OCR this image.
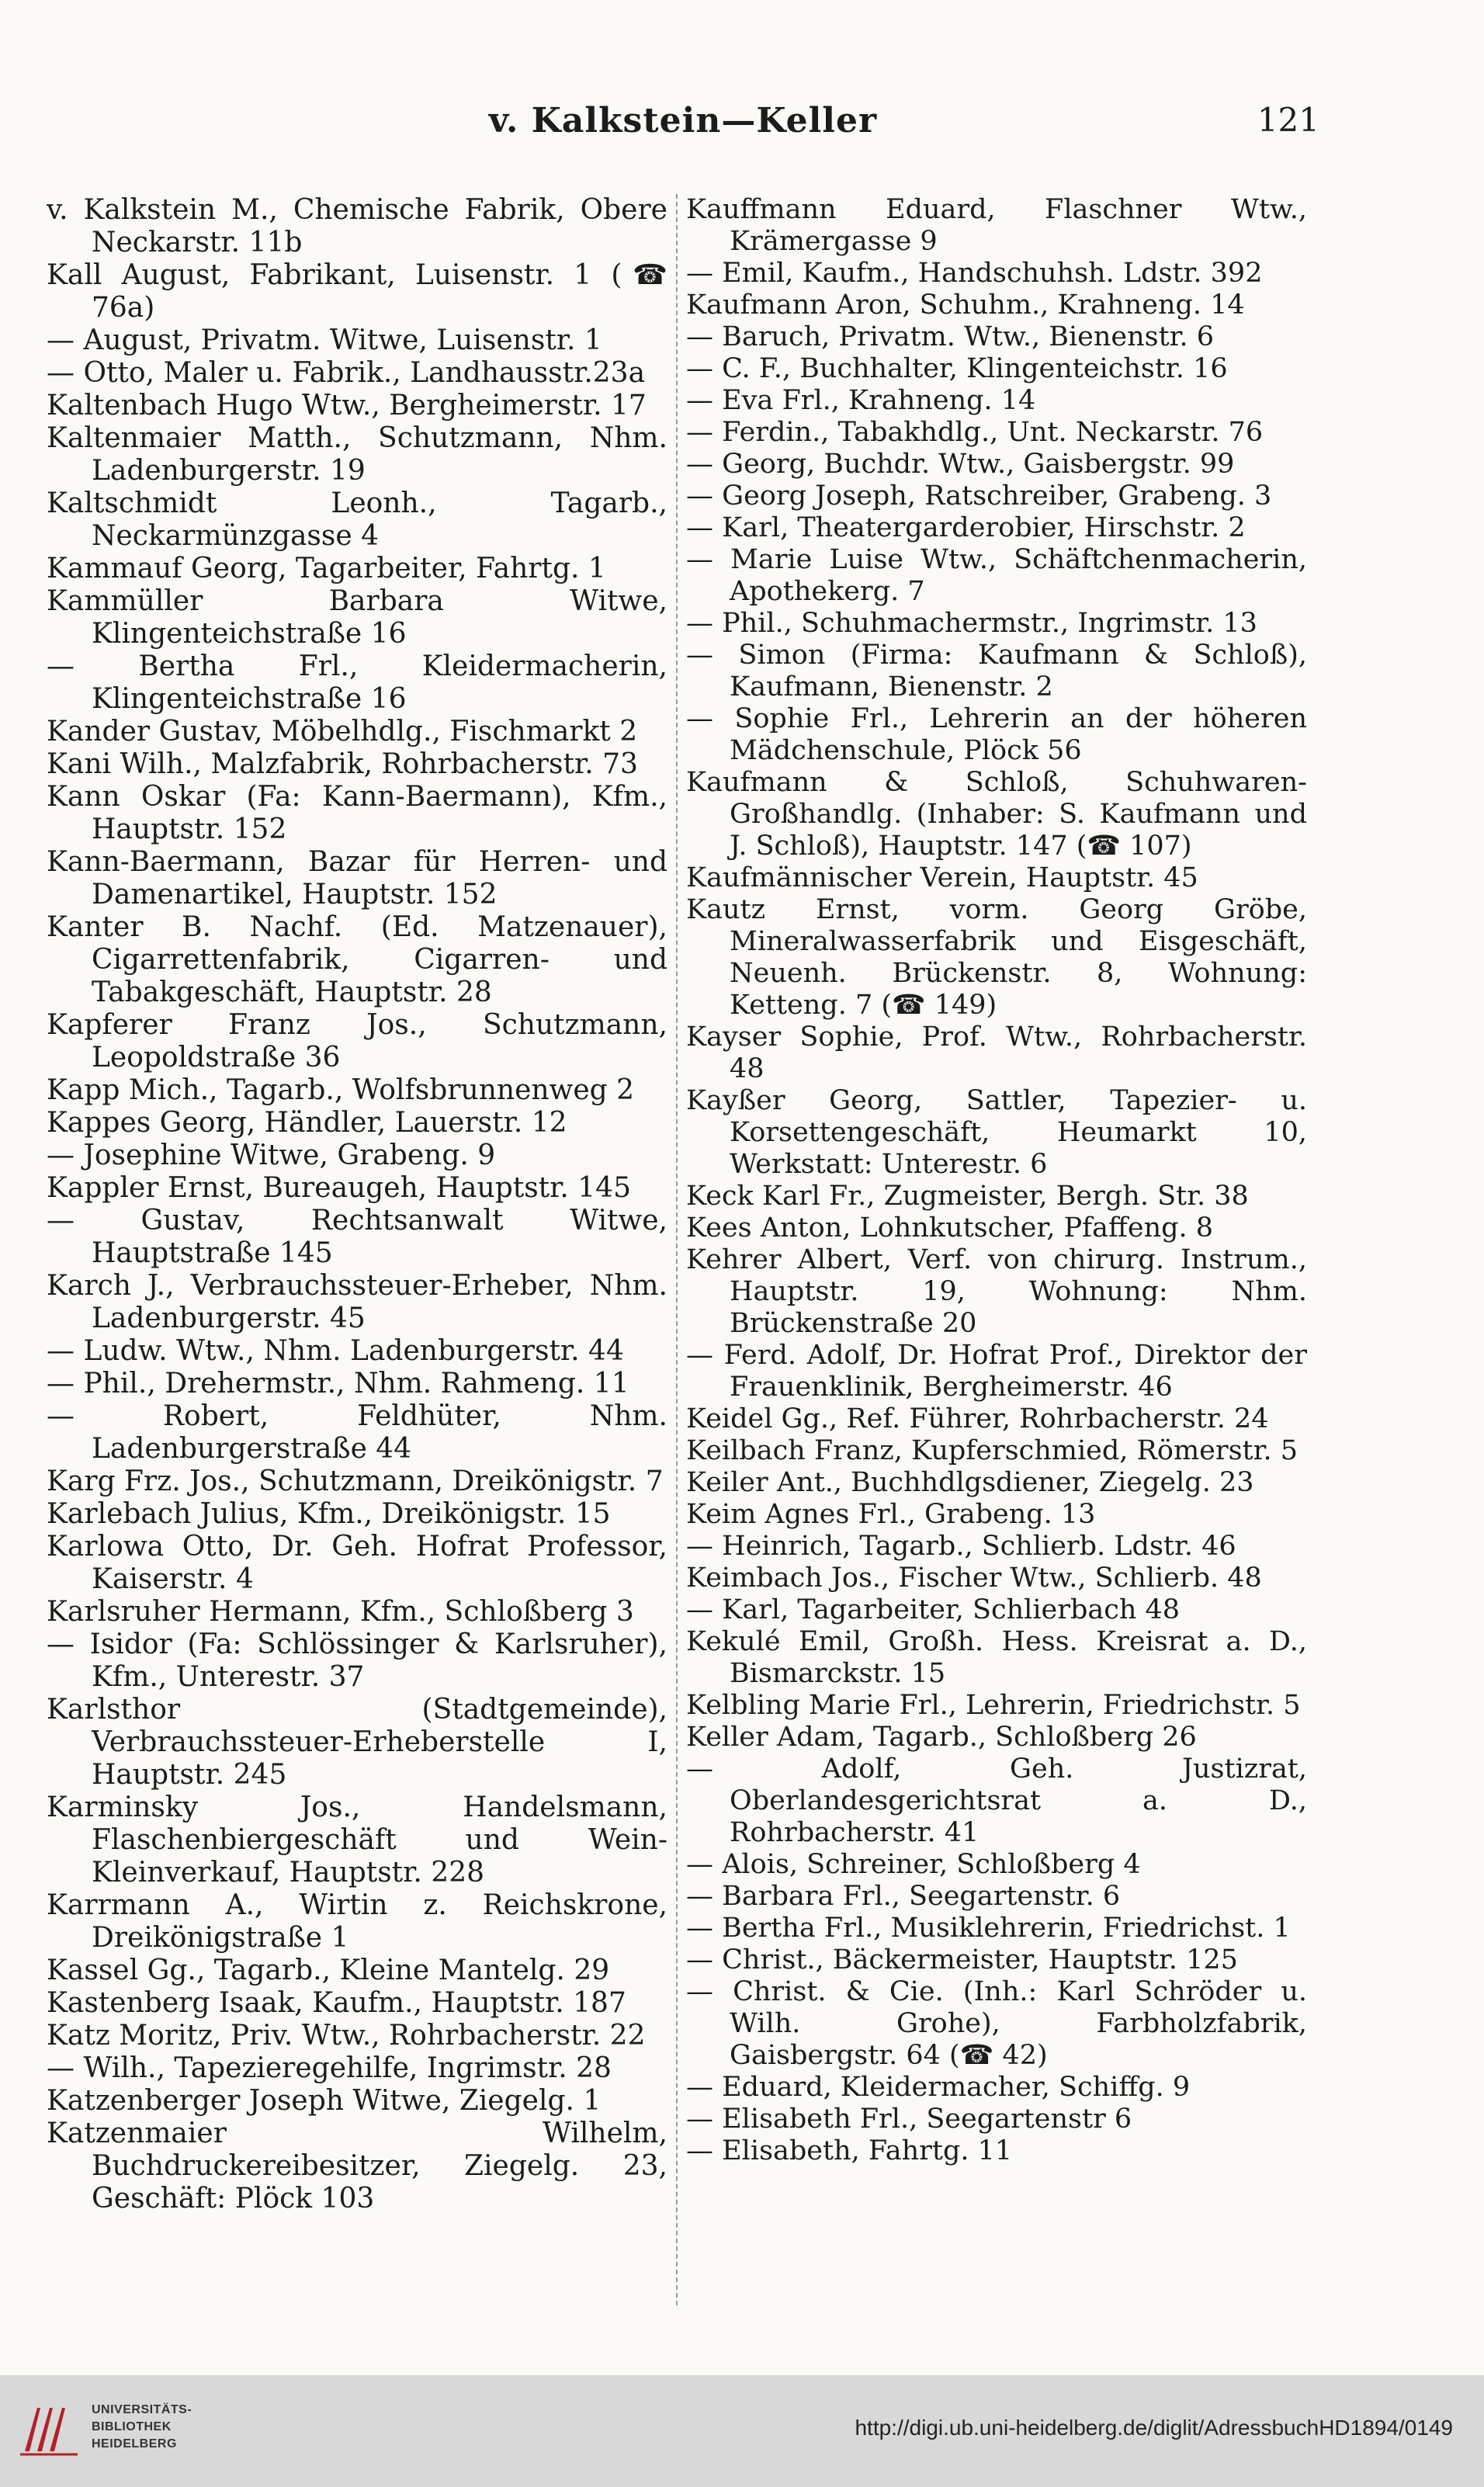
v. Kalkstein—Keller	121
v. Kalkstein M., Chemische Fabrik, Obere Neckarstr. 11b
Kall August, Fabrikant, Luisenstr. 1 (☎ 76a)
— August, Privatm. Witwe, Luisenstr. 1
— Otto, Maler u. Fabrik., Landhausstr.23a
Kaltenbach Hugo Wtw., Bergheimerstr. 17
Kaltenmaier Matth., Schutzmann, Nhm. Ladenburgerstr. 19
Kaltschmidt Leonh., Tagarb., Neckarmünzgasse 4
Kammauf Georg, Tagarbeiter, Fahrtg. 1
Kammüller Barbara Witwe, Klingenteichstraße 16
— Bertha Frl., Kleidermacherin, Klingenteichstraße 16
Kander Gustav, Möbelhdlg., Fischmarkt 2
Kani Wilh., Malzfabrik, Rohrbacherstr. 73
Kann Oskar (Fa: Kann-Baermann), Kfm., Hauptstr. 152
Kann-Baermann, Bazar für Herren- und Damenartikel, Hauptstr. 152
Kanter B. Nachf. (Ed. Matzenauer), Cigarrettenfabrik, Cigarren- und Tabakgeschäft, Hauptstr. 28
Kapferer Franz Jos., Schutzmann, Leopoldstraße 36
Kapp Mich., Tagarb., Wolfsbrunnenweg 2
Kappes Georg, Händler, Lauerstr. 12
— Josephine Witwe, Grabeng. 9
Kappler Ernst, Bureaugeh, Hauptstr. 145
— Gustav, Rechtsanwalt Witwe, Hauptstraße 145
Karch J., Verbrauchssteuer-Erheber, Nhm. Ladenburgerstr. 45
— Ludw. Wtw., Nhm. Ladenburgerstr. 44
— Phil., Drehermstr., Nhm. Rahmeng. 11
— Robert, Feldhüter, Nhm. Ladenburgerstraße 44
Karg Frz. Jos., Schutzmann, Dreikönigstr. 7
Karlebach Julius, Kfm., Dreikönigstr. 15
Karlowa Otto, Dr. Geh. Hofrat Professor, Kaiserstr. 4
Karlsruher Hermann, Kfm., Schloßberg 3
— Isidor (Fa: Schlössinger & Karlsruher), Kfm., Unterestr. 37
Karlsthor (Stadtgemeinde), Verbrauchssteuer-Erheberstelle I, Hauptstr. 245
Karminsky Jos., Handelsmann, Flaschenbiergeschäft und Wein-Kleinverkauf, Hauptstr. 228
Karrmann A., Wirtin z. Reichskrone, Dreikönigstraße 1
Kassel Gg., Tagarb., Kleine Mantelg. 29
Kastenberg Isaak, Kaufm., Hauptstr. 187
Katz Moritz, Priv. Wtw., Rohrbacherstr. 22
— Wilh., Tapezieregehilfe, Ingrimstr. 28
Katzenberger Joseph Witwe, Ziegelg. 1
Katzenmaier Wilhelm, Buchdruckereibesitzer, Ziegelg. 23, Geschäft: Plöck 103
Kauffmann Eduard, Flaschner Wtw., Krämergasse 9
— Emil, Kaufm., Handschuhsh. Ldstr. 392
Kaufmann Aron, Schuhm., Krahneng. 14
— Baruch, Privatm. Wtw., Bienenstr. 6
— C. F., Buchhalter, Klingenteichstr. 16
— Eva Frl., Krahneng. 14
— Ferdin., Tabakhdlg., Unt. Neckarstr. 76
— Georg, Buchdr. Wtw., Gaisbergstr. 99
— Georg Joseph, Ratschreiber, Grabeng. 3
— Karl, Theatergarderobier, Hirschstr. 2
— Marie Luise Wtw., Schäftchenmacherin, Apothekerg. 7
— Phil., Schuhmachermstr., Ingrimstr. 13
— Simon (Firma: Kaufmann & Schloß), Kaufmann, Bienenstr. 2
— Sophie Frl., Lehrerin an der höheren Mädchenschule, Plöck 56
Kaufmann & Schloß, Schuhwaren-Großhandlg. (Inhaber: S. Kaufmann und J. Schloß), Hauptstr. 147 (☎ 107)
Kaufmännischer Verein, Hauptstr. 45
Kautz Ernst, vorm. Georg Gröbe, Mineralwasserfabrik und Eisgeschäft, Neuenh. Brückenstr. 8, Wohnung: Ketteng. 7 (☎ 149)
Kayser Sophie, Prof. Wtw., Rohrbacherstr. 48
Kayßer Georg, Sattler, Tapezier- u. Korsettengeschäft, Heumarkt 10, Werkstatt: Unterestr. 6
Keck Karl Fr., Zugmeister, Bergh. Str. 38
Kees Anton, Lohnkutscher, Pfaffeng. 8
Kehrer Albert, Verf. von chirurg. Instrum., Hauptstr. 19, Wohnung: Nhm. Brückenstraße 20
— Ferd. Adolf, Dr. Hofrat Prof., Direktor der Frauenklinik, Bergheimerstr. 46
Keidel Gg., Ref. Führer, Rohrbacherstr. 24
Keilbach Franz, Kupferschmied, Römerstr. 5
Keiler Ant., Buchhdlgsdiener, Ziegelg. 23
Keim Agnes Frl., Grabeng. 13
— Heinrich, Tagarb., Schlierb. Ldstr. 46
Keimbach Jos., Fischer Wtw., Schlierb. 48
— Karl, Tagarbeiter, Schlierbach 48
Kekulé Emil, Großh. Hess. Kreisrat a. D., Bismarckstr. 15
Kelbling Marie Frl., Lehrerin, Friedrichstr. 5
Keller Adam, Tagarb., Schloßberg 26
— Adolf, Geh. Justizrat, Oberlandesgerichtsrat a. D., Rohrbacherstr. 41
— Alois, Schreiner, Schloßberg 4
— Barbara Frl., Seegartenstr. 6
— Bertha Frl., Musiklehrerin, Friedrichst. 1
— Christ., Bäckermeister, Hauptstr. 125
— Christ. & Cie. (Inh.: Karl Schröder u. Wilh. Grohe), Farbholzfabrik, Gaisbergstr. 64 (☎ 42)
— Eduard, Kleidermacher, Schiffg. 9
— Elisabeth Frl., Seegartenstr 6
— Elisabeth, Fahrtg. 11
UNIVERSITÄTS-
BIBLIOTHEK
HEIDELBERG
http://digi.ub.uni-heidelberg.de/diglit/AdressbuchHD1894/0149
